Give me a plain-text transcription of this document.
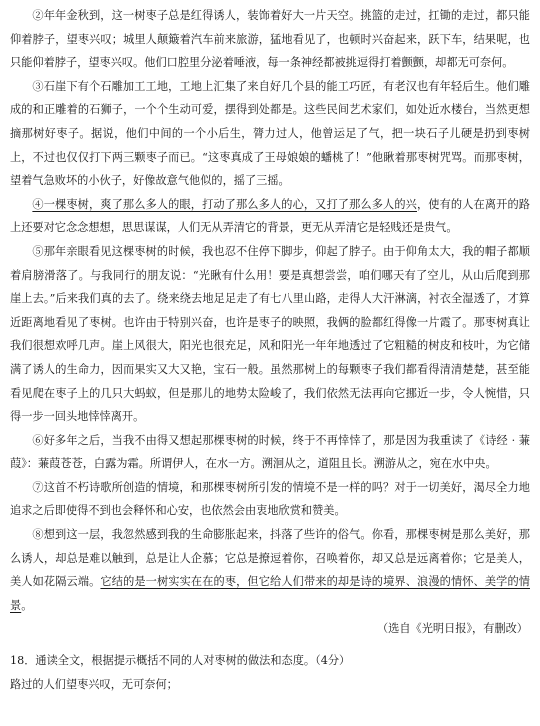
②年年金秋到，这一树枣子总是红得诱人，装饰着好大一片天空。挑篮的走过，扛锄的走过，都只能仰着脖子，望枣兴叹；城里人颠簸着汽车前来旅游，猛地看见了，也顿时兴奋起来，跃下车，结果呢，也只能仰着脖子，望枣兴叹。他们口腔里分泌着唾液，每一条神经都被挑逗得打着颤颤，却都无可奈何。

③石崖下有个石雕加工工地，工地上汇集了来自好几个县的能工巧匠，有老汉也有年轻后生。他们雕成的和正雕着的石狮子，一个个生动可爱，摆得到处都是。这些民间艺术家们，如处近水楼台，当然更想摘那树好枣子。据说，他们中间的一个小后生，膂力过人，他曾运足了气，把一块石子儿硬是扔到枣树上，不过也仅仅打下两三颗枣子而已。“这枣真成了王母娘娘的蟠桃了！”他瞅着那枣树咒骂。而那枣树，望着气急败坏的小伙子，好像故意气他似的，摇了三摇。

④一棵枣树，爽了那么多人的眼，打动了那么多人的心，又打了那么多人的兴，使有的人在离开的路上还要对它念念想想，思思谋谋，人们无从弄清它的背景，更无从弄清它是轻贱还是贵气。

⑤那年亲眼看见这棵枣树的时候，我也忍不住停下脚步，仰起了脖子。由于仰角太大，我的帽子都顺着肩膀滑落了。与我同行的朋友说：“光瞅有什么用！要是真想尝尝，咱们哪天有了空儿，从山后爬到那崖上去。”后来我们真的去了。绕来绕去地足足走了有七八里山路，走得人大汗淋漓，衬衣全湿透了，才算近距离地看见了枣树。也许由于特别兴奋，也许是枣子的映照，我俩的脸都红得像一片霞了。那枣树真让我们很想欢呼几声。崖上风很大，阳光也很充足，风和阳光一年年地透过了它粗糙的树皮和枝叶，为它储满了诱人的生命力，因而果实又大又艳，宝石一般。虽然那树上的每颗枣子我们都看得清清楚楚，甚至能看见爬在枣子上的几只大蚂蚁，但是那儿的地势太险峻了，我们依然无法再向它挪近一步，令人惋惜，只得一步一回头地悻悻离开。

⑥好多年之后，当我不由得又想起那棵枣树的时候，终于不再悻悻了，那是因为我重读了《诗经 · 蒹葭》：蒹葭苍苍，白露为霜。所谓伊人，在水一方。溯洄从之，道阻且长。溯游从之，宛在水中央。

⑦这首不朽诗歌所创造的情境，和那棵枣树所引发的情境不是一样的吗？对于一切美好，渴尽全力地追求之后即使得不到也会释怀和心安，也依然会由衷地欣赏和赞美。

⑧想到这一层，我忽然感到我的生命膨胀起来，抖落了些许的俗气。你看，那棵枣树是那么美好，那么诱人，却总是难以触到，总是让人企慕；它总是撩逗着你，召唤着你，却又总是远离着你；它是美人，美人如花隔云端。它结的是一树实实在在的枣，但它给人们带来的却是诗的境界、浪漫的情怀、美学的情景。

（选自《光明日报》，有删改）

18．通读全文，根据提示概括不同的人对枣树的做法和态度。（4分）

路过的人们望枣兴叹，无可奈何；
